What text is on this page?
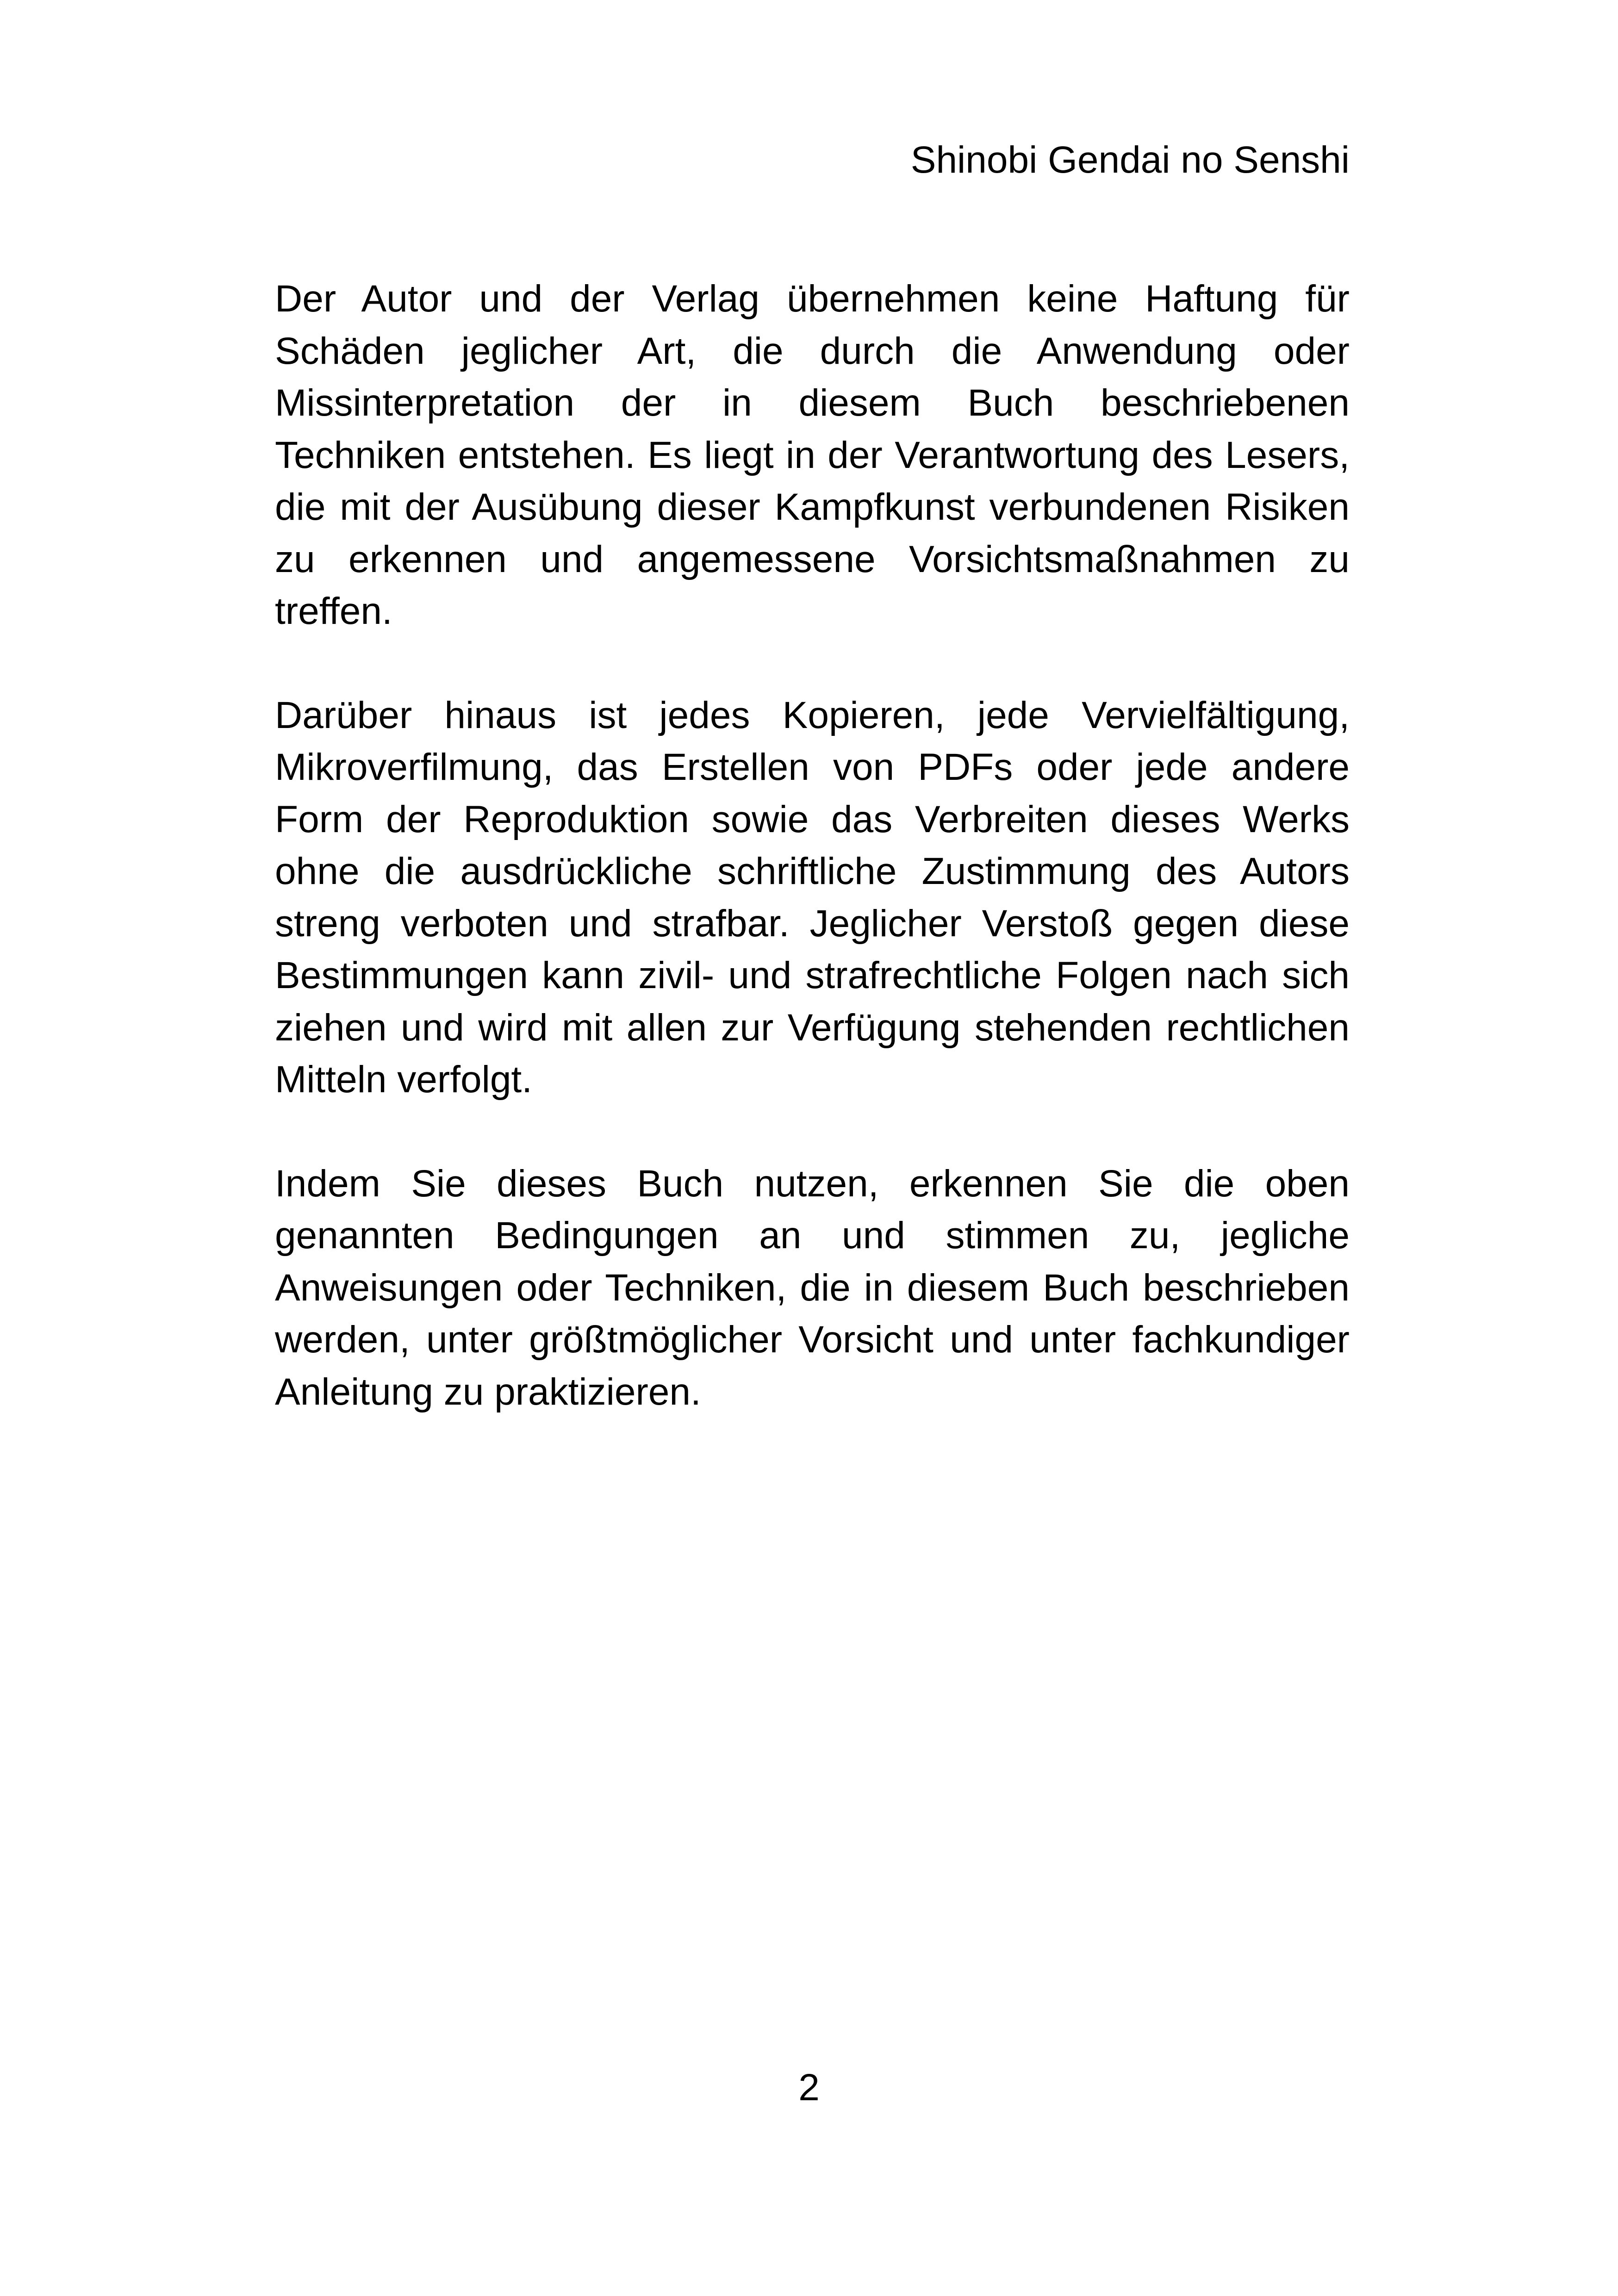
Shinobi Gendai no Senshi

Der Autor und der Verlag übernehmen keine Haftung für Schäden jeglicher Art, die durch die Anwendung oder Missinterpretation der in diesem Buch beschriebenen Techniken entstehen. Es liegt in der Verantwortung des Lesers, die mit der Ausübung dieser Kampfkunst verbundenen Risiken zu erkennen und angemessene Vorsichtsmaßnahmen zu treffen.

Darüber hinaus ist jedes Kopieren, jede Vervielfältigung, Mikroverfilmung, das Erstellen von PDFs oder jede andere Form der Reproduktion sowie das Verbreiten dieses Werks ohne die ausdrückliche schriftliche Zustimmung des Autors streng verboten und strafbar. Jeglicher Verstoß gegen diese Bestimmungen kann zivil- und strafrechtliche Folgen nach sich ziehen und wird mit allen zur Verfügung stehenden rechtlichen Mitteln verfolgt.

Indem Sie dieses Buch nutzen, erkennen Sie die oben genannten Bedingungen an und stimmen zu, jegliche Anweisungen oder Techniken, die in diesem Buch beschrieben werden, unter größtmöglicher Vorsicht und unter fachkundiger Anleitung zu praktizieren.

2
